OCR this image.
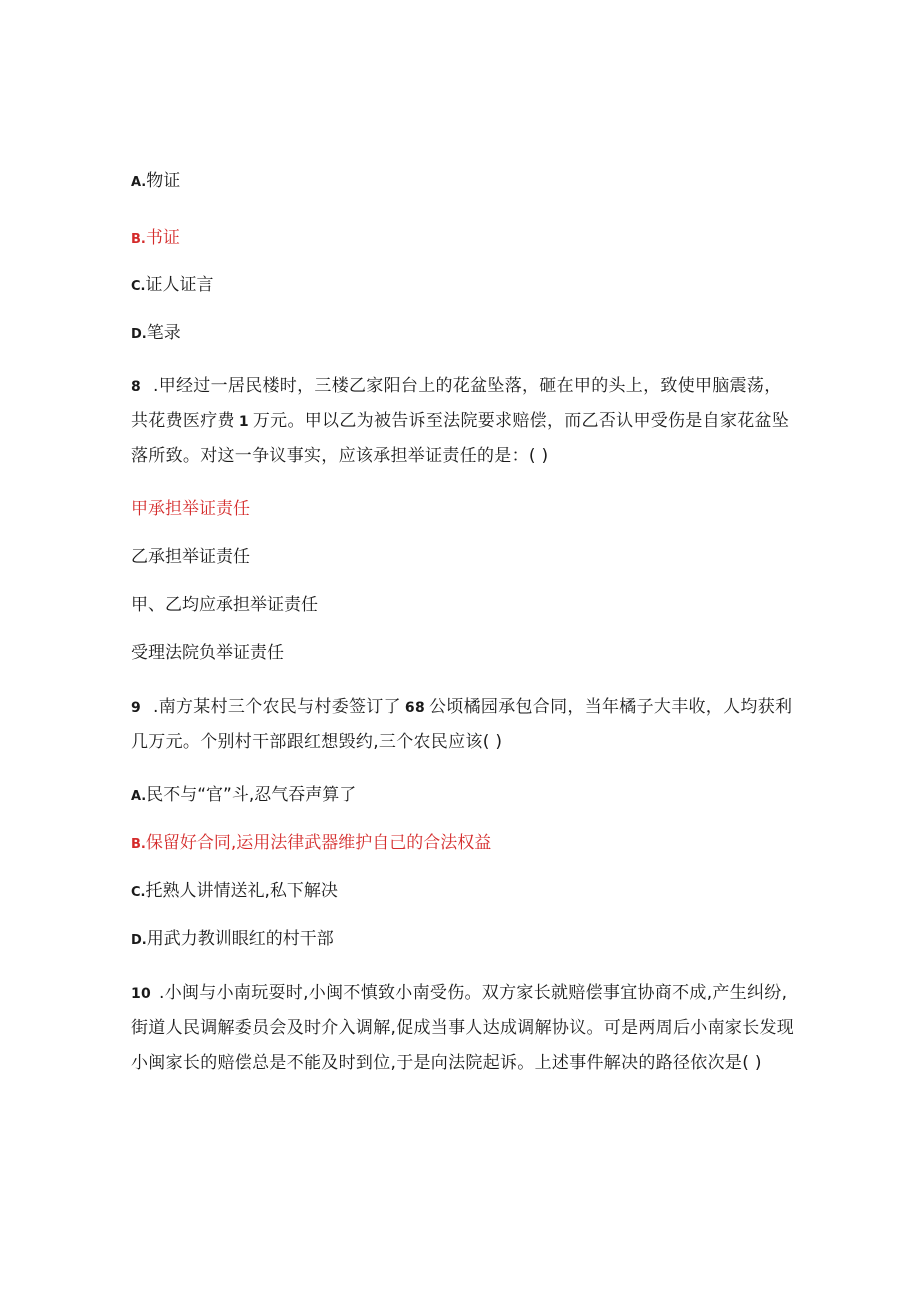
A.物证
B.书证
C.证人证言
D.笔录
8 .甲经过一居民楼时，三楼乙家阳台上的花盆坠落，砸在甲的头上，致使甲脑震荡，
共花费医疗费 1 万元。甲以乙为被告诉至法院要求赔偿，而乙否认甲受伤是自家花盆坠
落所致。对这一争议事实，应该承担举证责任的是：( )
甲承担举证责任
乙承担举证责任
甲、乙均应承担举证责任
受理法院负举证责任
9 .南方某村三个农民与村委签订了 68 公顷橘园承包合同，当年橘子大丰收，人均获利
几万元。个别村干部跟红想毁约,三个农民应该( )
A.民不与“官”斗,忍气吞声算了
B.保留好合同,运用法律武器维护自己的合法权益
C.托熟人讲情送礼,私下解决
D.用武力教训眼红的村干部
10 .小闽与小南玩耍时,小闽不慎致小南受伤。双方家长就赔偿事宜协商不成,产生纠纷,
街道人民调解委员会及时介入调解,促成当事人达成调解协议。可是两周后小南家长发现
小闽家长的赔偿总是不能及时到位,于是向法院起诉。上述事件解决的路径依次是( )
